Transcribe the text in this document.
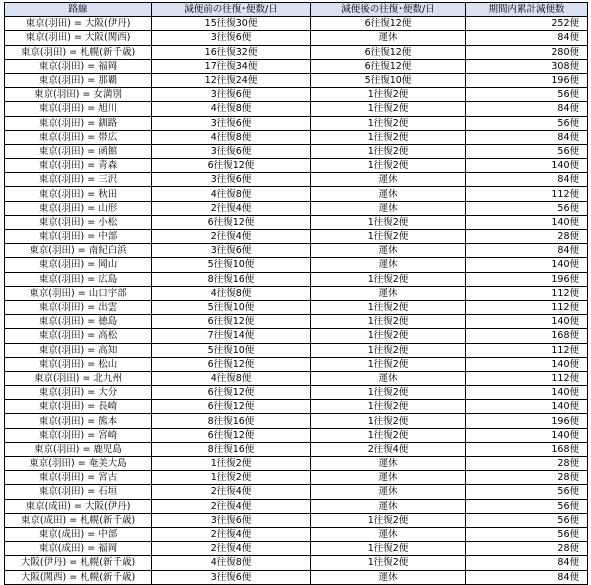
路線	減便前の往復･便数/日	減便後の往復･便数/日	期間内累計減便数
東京(羽田) = 大阪(伊丹)	15往復30便	6往復12便	252便
東京(羽田) = 大阪(関西)	3往復6便	運休	84便
東京(羽田) = 札幌(新千歳)	16往復32便	6往復12便	280便
東京(羽田) = 福岡	17往復34便	6往復12便	308便
東京(羽田) = 那覇	12往復24便	5往復10便	196便
東京(羽田) = 女満別	3往復6便	1往復2便	56便
東京(羽田) = 旭川	4往復8便	1往復2便	84便
東京(羽田) = 釧路	3往復6便	1往復2便	56便
東京(羽田) = 帯広	4往復8便	1往復2便	84便
東京(羽田) = 函館	3往復6便	1往復2便	56便
東京(羽田) = 青森	6往復12便	1往復2便	140便
東京(羽田) = 三沢	3往復6便	運休	84便
東京(羽田) = 秋田	4往復8便	運休	112便
東京(羽田) = 山形	2往復4便	運休	56便
東京(羽田) = 小松	6往復12便	1往復2便	140便
東京(羽田) = 中部	2往復4便	1往復2便	28便
東京(羽田) = 南紀白浜	3往復6便	運休	84便
東京(羽田) = 岡山	5往復10便	運休	140便
東京(羽田) = 広島	8往復16便	1往復2便	196便
東京(羽田) = 山口宇部	4往復8便	運休	112便
東京(羽田) = 出雲	5往復10便	1往復2便	112便
東京(羽田) = 徳島	6往復12便	1往復2便	140便
東京(羽田) = 高松	7往復14便	1往復2便	168便
東京(羽田) = 高知	5往復10便	1往復2便	112便
東京(羽田) = 松山	6往復12便	1往復2便	140便
東京(羽田) = 北九州	4往復8便	運休	112便
東京(羽田) = 大分	6往復12便	1往復2便	140便
東京(羽田) = 長崎	6往復12便	1往復2便	140便
東京(羽田) = 熊本	8往復16便	1往復2便	196便
東京(羽田) = 宮崎	6往復12便	1往復2便	140便
東京(羽田) = 鹿児島	8往復16便	2往復4便	168便
東京(羽田) = 奄美大島	1往復2便	運休	28便
東京(羽田) = 宮古	1往復2便	運休	28便
東京(羽田) = 石垣	2往復4便	運休	56便
東京(成田) = 大阪(伊丹)	2往復4便	運休	56便
東京(成田) = 札幌(新千歳)	3往復6便	1往復2便	56便
東京(成田) = 中部	2往復4便	運休	56便
東京(成田) = 福岡	2往復4便	1往復2便	28便
大阪(伊丹) = 札幌(新千歳)	4往復8便	1往復2便	84便
大阪(関西) = 札幌(新千歳)	3往復6便	運休	84便
